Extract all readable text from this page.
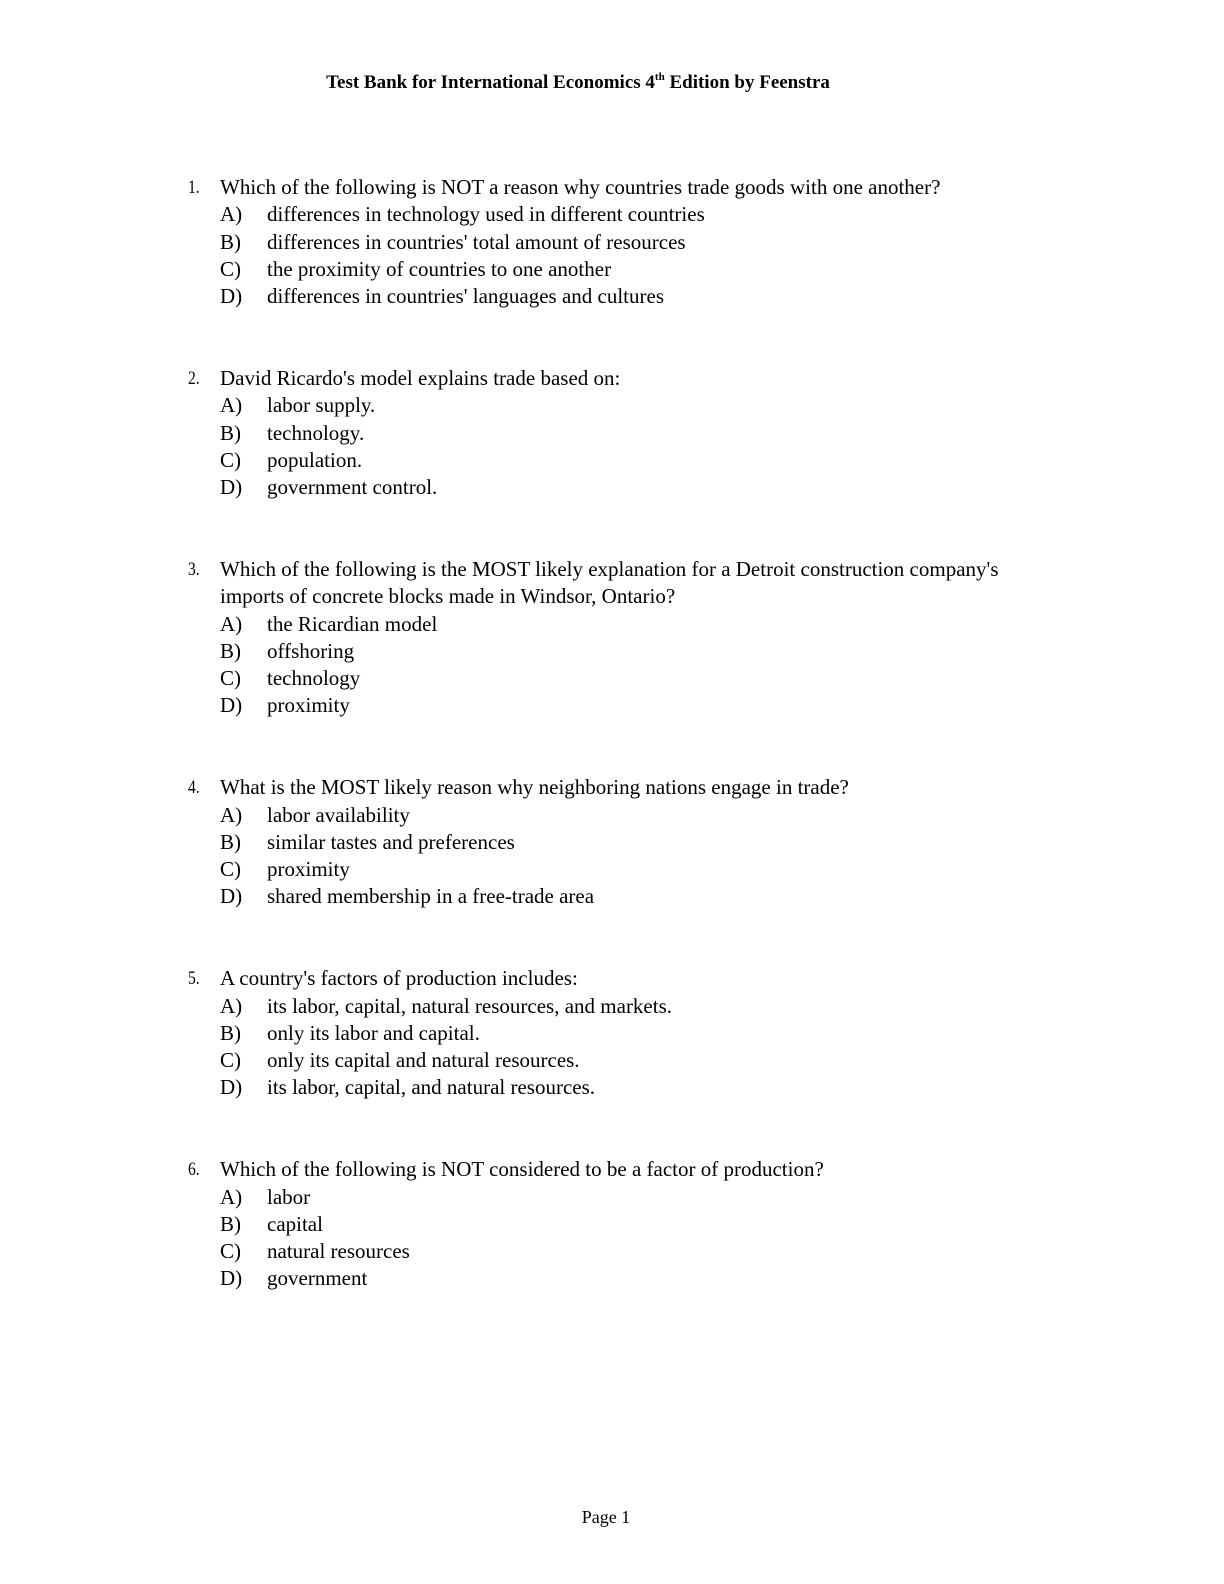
Test Bank for International Economics 4th Edition by Feenstra
1. Which of the following is NOT a reason why countries trade goods with one another?
A) differences in technology used in different countries
B) differences in countries' total amount of resources
C) the proximity of countries to one another
D) differences in countries' languages and cultures
2. David Ricardo's model explains trade based on:
A) labor supply.
B) technology.
C) population.
D) government control.
3. Which of the following is the MOST likely explanation for a Detroit construction company's imports of concrete blocks made in Windsor, Ontario?
A) the Ricardian model
B) offshoring
C) technology
D) proximity
4. What is the MOST likely reason why neighboring nations engage in trade?
A) labor availability
B) similar tastes and preferences
C) proximity
D) shared membership in a free-trade area
5. A country's factors of production includes:
A) its labor, capital, natural resources, and markets.
B) only its labor and capital.
C) only its capital and natural resources.
D) its labor, capital, and natural resources.
6. Which of the following is NOT considered to be a factor of production?
A) labor
B) capital
C) natural resources
D) government
Page 1
